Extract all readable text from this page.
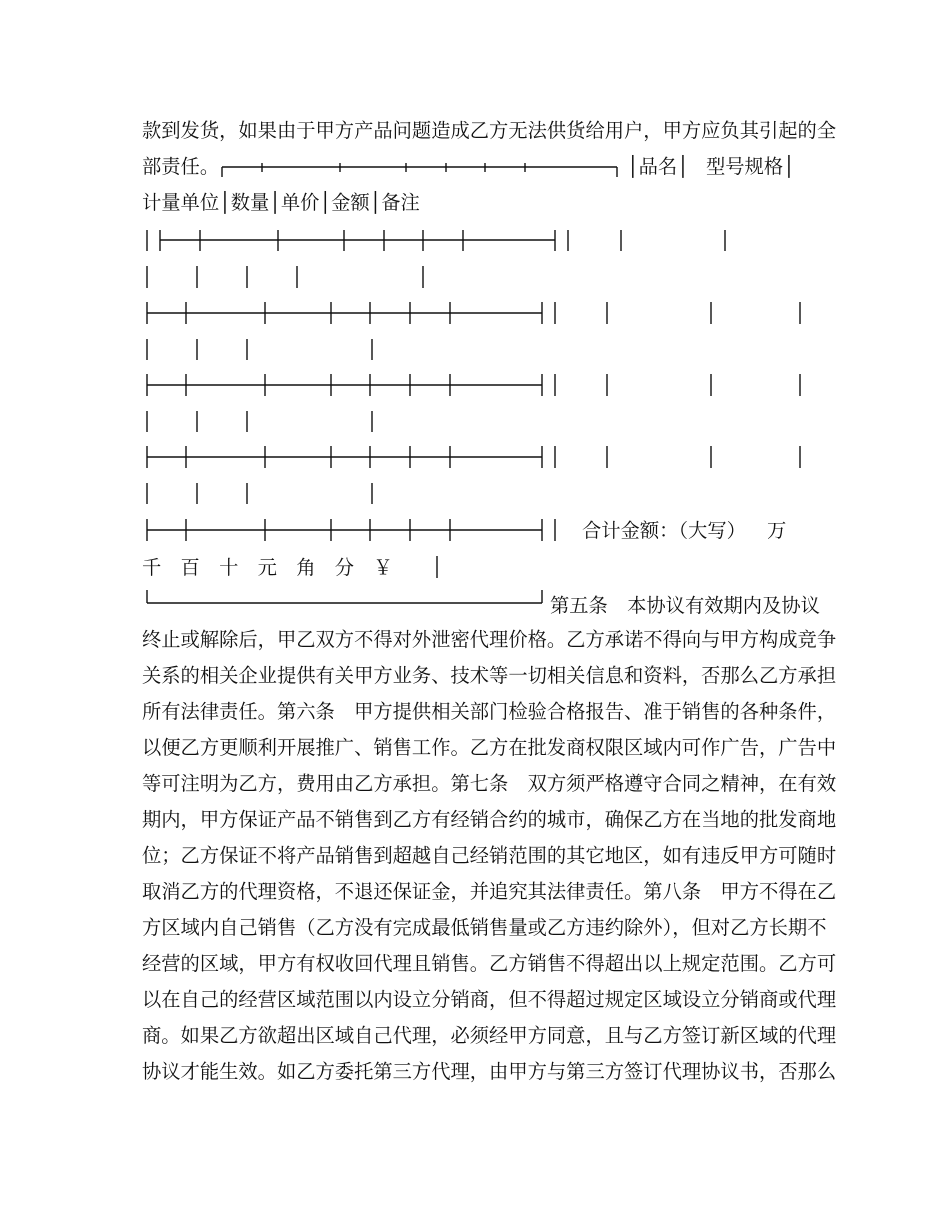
款到发货，如果由于甲方产品问题造成乙方无法供货给用户，甲方应负其引起的全
部责任。	│品名│ 型号规格│
计量单位│数量│单价│金额│备注
合计金额：（大写） 万
千　百　十　元　角　分　￥
第五条　本协议有效期内及协议
终止或解除后，甲乙双方不得对外泄密代理价格。乙方承诺不得向与甲方构成竞争
关系的相关企业提供有关甲方业务、技术等一切相关信息和资料，否那么乙方承担
所有法律责任。第六条　甲方提供相关部门检验合格报告、准于销售的各种条件，
以便乙方更顺利开展推广、销售工作。乙方在批发商权限区域内可作广告，广告中
等可注明为乙方，费用由乙方承担。第七条　双方须严格遵守合同之精神，在有效
期内，甲方保证产品不销售到乙方有经销合约的城市，确保乙方在当地的批发商地
位；乙方保证不将产品销售到超越自己经销范围的其它地区，如有违反甲方可随时
取消乙方的代理资格，不退还保证金，并追究其法律责任。第八条　甲方不得在乙
方区域内自己销售（乙方没有完成最低销售量或乙方违约除外），但对乙方长期不
经营的区域，甲方有权收回代理且销售。乙方销售不得超出以上规定范围。乙方可
以在自己的经营区域范围以内设立分销商，但不得超过规定区域设立分销商或代理
商。如果乙方欲超出区域自己代理，必须经甲方同意，且与乙方签订新区域的代理
协议才能生效。如乙方委托第三方代理，由甲方与第三方签订代理协议书，否那么
